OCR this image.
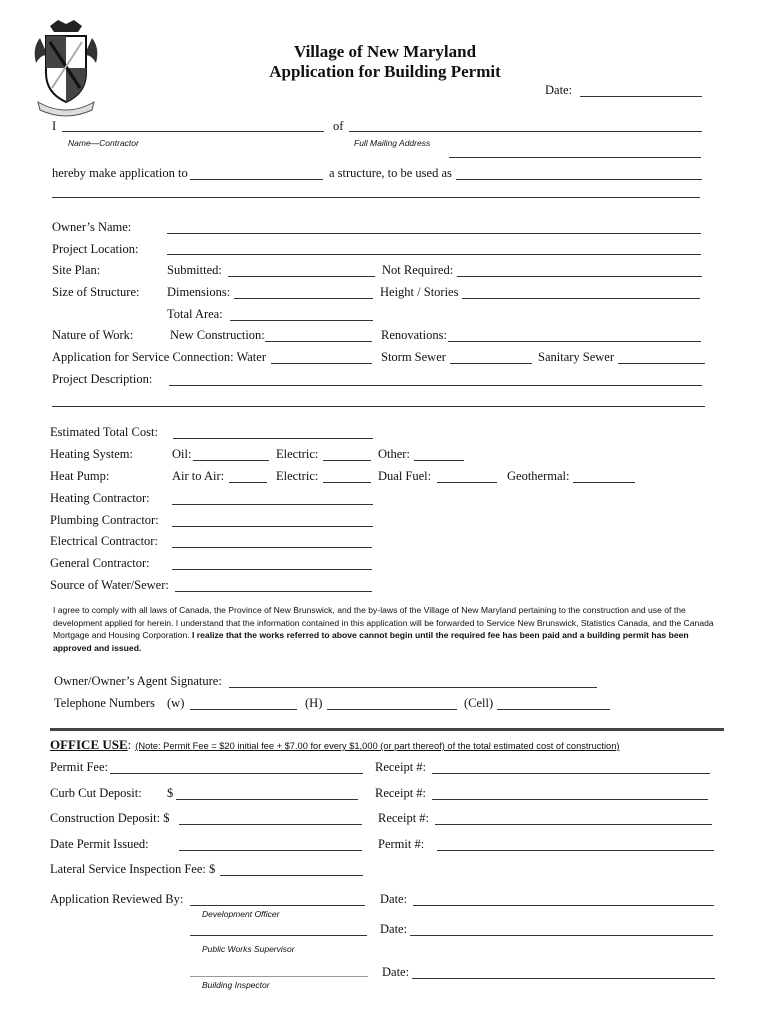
Village of New Maryland
Application for Building Permit
Date:
I	of
Name—Contractor	Full Mailing Address
hereby make application to	a structure, to be used as
Owner’s Name:
Project Location:
Site Plan:	Submitted:	Not Required:
Size of Structure: Dimensions:	Height / Stories
Total Area:
Nature of Work:	New Construction:	Renovations:
Application for Service Connection: Water	Storm Sewer	Sanitary Sewer
Project Description:
Estimated Total Cost:
Heating System:	Oil:	Electric:	Other:
Heat Pump:	Air to Air:	Electric:	Dual Fuel:	Geothermal:
Heating Contractor:
Plumbing Contractor:
Electrical Contractor:
General Contractor:
Source of Water/Sewer:
I agree to comply with all laws of Canada, the Province of New Brunswick, and the by-laws of the Village of New Maryland pertaining to the construction and use of the development applied for herein. I understand that the information contained in this application will be forwarded to Service New Brunswick, Statistics Canada, and the Canada Mortgage and Housing Corporation. I realize that the works referred to above cannot begin until the required fee has been paid and a building permit has been approved and issued.
Owner/Owner’s Agent Signature:
Telephone Numbers (w)	(H)	(Cell)
OFFICE USE: (Note: Permit Fee = $20 initial fee + $7.00 for every $1,000 (or part thereof) of the total estimated cost of construction)
Permit Fee:	Receipt #:
Curb Cut Deposit: $	Receipt #:
Construction Deposit: $	Receipt #:
Date Permit Issued:	Permit #:
Lateral Service Inspection Fee: $
Application Reviewed By:	Date:
Development Officer
Date:
Public Works Supervisor
Date:
Building Inspector
